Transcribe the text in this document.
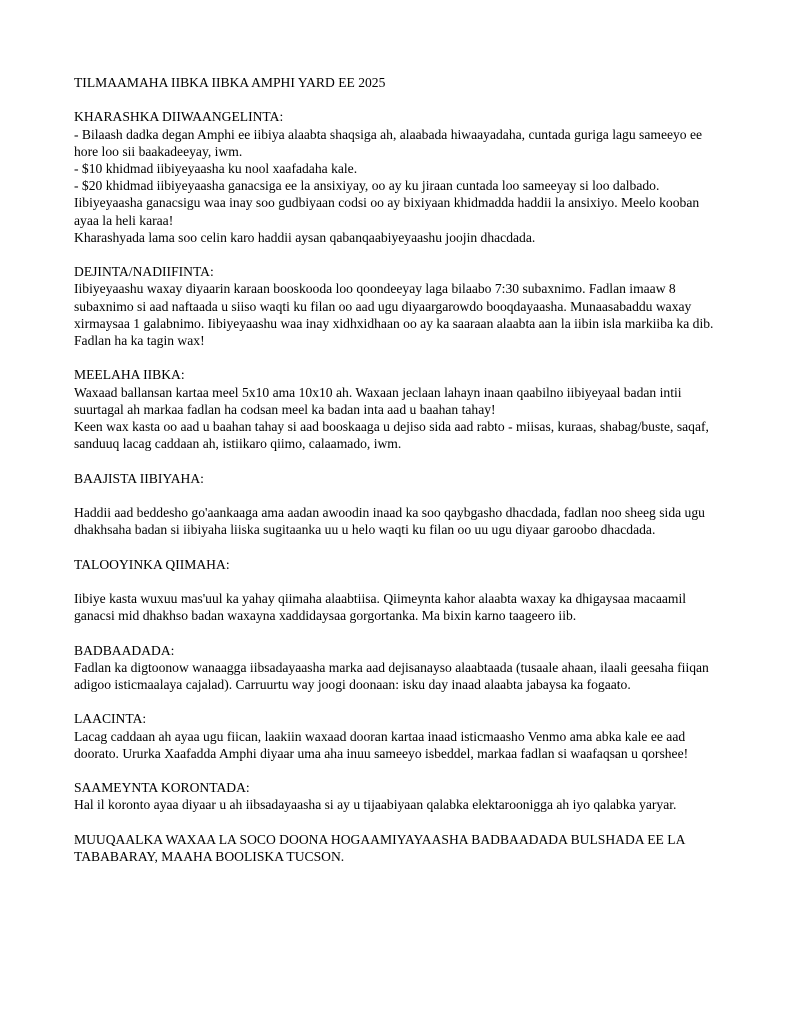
TILMAAMAHA IIBKA IIBKA AMPHI YARD EE 2025

KHARASHKA DIIWAANGELINTA:

- Bilaash dadka degan Amphi ee iibiya alaabta shaqsiga ah, alaabada hiwaayadaha, cuntada guriga lagu sameeyo ee hore loo sii baakadeeyay, iwm.

- $10 khidmad iibiyeyaasha ku nool xaafadaha kale.

- $20 khidmad iibiyeyaasha ganacsiga ee la ansixiyay, oo ay ku jiraan cuntada loo sameeyay si loo dalbado. Iibiyeyaasha ganacsigu waa inay soo gudbiyaan codsi oo ay bixiyaan khidmadda haddii la ansixiyo. Meelo kooban ayaa la heli karaa!

Kharashyada lama soo celin karo haddii aysan qabanqaabiyeyaashu joojin dhacdada.

DEJINTA/NADIIFINTA:

Iibiyeyaashu waxay diyaarin karaan booskooda loo qoondeeyay laga bilaabo 7:30 subaxnimo. Fadlan imaaw 8 subaxnimo si aad naftaada u siiso waqti ku filan oo aad ugu diyaargarowdo booqdayaasha. Munaasabaddu waxay xirmaysaa 1 galabnimo. Iibiyeyaashu waa inay xidhxidhaan oo ay ka saaraan alaabta aan la iibin isla markiiba ka dib. Fadlan ha ka tagin wax!

MEELAHA IIBKA:

Waxaad ballansan kartaa meel 5x10 ama 10x10 ah. Waxaan jeclaan lahayn inaan qaabilno iibiyeyaal badan intii suurtagal ah markaa fadlan ha codsan meel ka badan inta aad u baahan tahay!

Keen wax kasta oo aad u baahan tahay si aad booskaaga u dejiso sida aad rabto - miisas, kuraas, shabag/buste, saqaf, sanduuq lacag caddaan ah, istiikaro qiimo, calaamado, iwm.

BAAJISTA IIBIYAHA:

Haddii aad beddesho go'aankaaga ama aadan awoodin inaad ka soo qaybgasho dhacdada, fadlan noo sheeg sida ugu dhakhsaha badan si iibiyaha liiska sugitaanka uu u helo waqti ku filan oo uu ugu diyaar garoobo dhacdada.

TALOOYINKA QIIMAHA:

Iibiye kasta wuxuu mas'uul ka yahay qiimaha alaabtiisa. Qiimeynta kahor alaabta waxay ka dhigaysaa macaamil ganacsi mid dhakhso badan waxayna xaddidaysaa gorgortanka. Ma bixin karno taageero iib.

BADBAADADA:

Fadlan ka digtoonow wanaagga iibsadayaasha marka aad dejisanayso alaabtaada (tusaale ahaan, ilaali geesaha fiiqan adigoo isticmaalaya cajalad). Carruurtu way joogi doonaan: isku day inaad alaabta jabaysa ka fogaato.

LAACINTA:

Lacag caddaan ah ayaa ugu fiican, laakiin waxaad dooran kartaa inaad isticmaasho Venmo ama abka kale ee aad doorato. Ururka Xaafadda Amphi diyaar uma aha inuu sameeyo isbeddel, markaa fadlan si waafaqsan u qorshee!

SAAMEYNTA KORONTADA:

Hal il koronto ayaa diyaar u ah iibsadayaasha si ay u tijaabiyaan qalabka elektaroonigga ah iyo qalabka yaryar.

MUUQAALKA WAXAA LA SOCO DOONA HOGAAMIYAYAASHA BADBAADADA BULSHADA EE LA TABABARAY, MAAHA BOOLISKA TUCSON.
